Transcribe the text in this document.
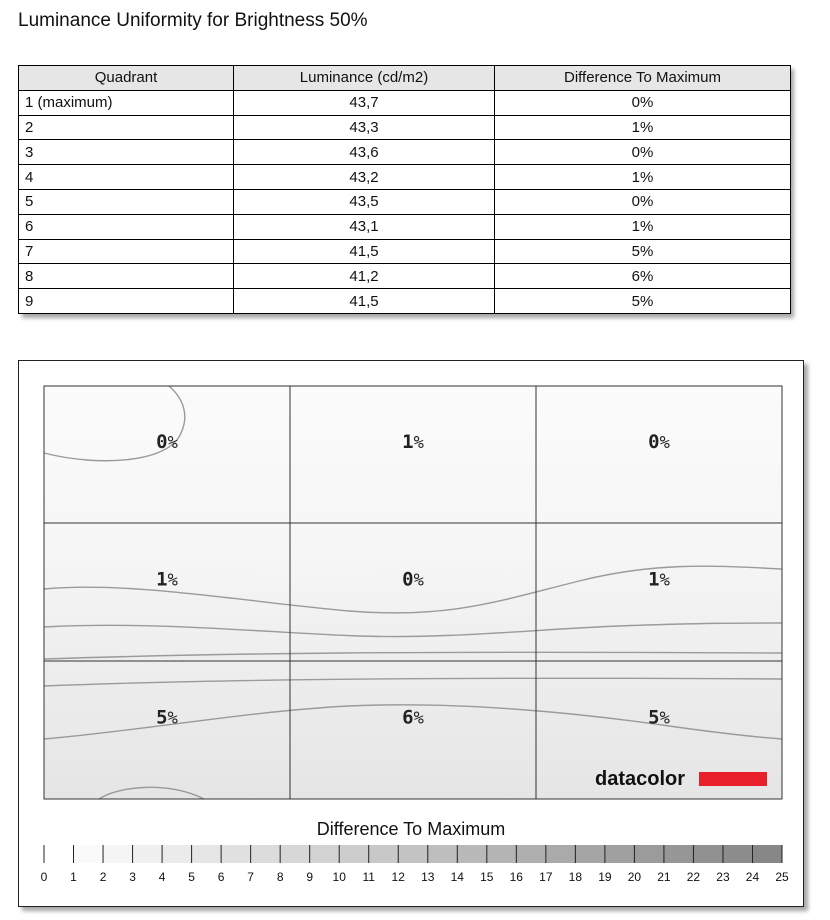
Luminance Uniformity for Brightness 50%
Quadrant	Luminance (cd/m2)	Difference To Maximum
1 (maximum)	43,7	0%
2	43,3	1%
3	43,6	0%
4	43,2	1%
5	43,5	0%
6	43,1	1%
7	41,5	5%
8	41,2	6%
9	41,5	5%
0%	1%	0%
1%	0%	1%
5%	6%	5%
datacolor
Difference To Maximum
0 1 2 3 4 5 6 7 8 9 10 11 12 13 14 15 16 17 18 19 20 21 22 23 24 25
